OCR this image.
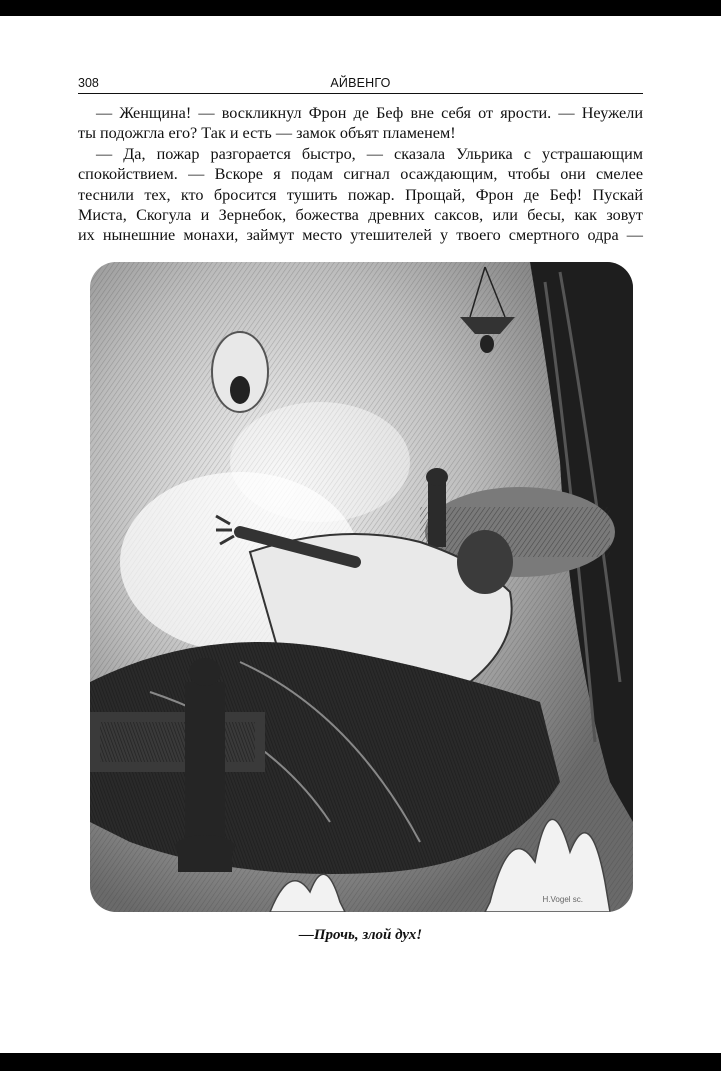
308	АЙВЕНГО
— Женщина! — воскликнул Фрон де Беф вне себя от ярости. — Неужели
ты подожгла его? Так и есть — замок объят пламенем!
— Да, пожар разгорается быстро, — сказала Ульрика с устрашающим
спокойствием. — Вскоре я подам сигнал осаждающим, чтобы они смелее
теснили тех, кто бросится тушить пожар. Прощай, Фрон де Беф! Пускай
Миста, Скогула и Зернебок, божества древних саксов, или бесы, как зовут
их нынешние монахи, займут место утешителей у твоего смертного одра —
H.Vogel sc.
—Прочь, злой дух!
